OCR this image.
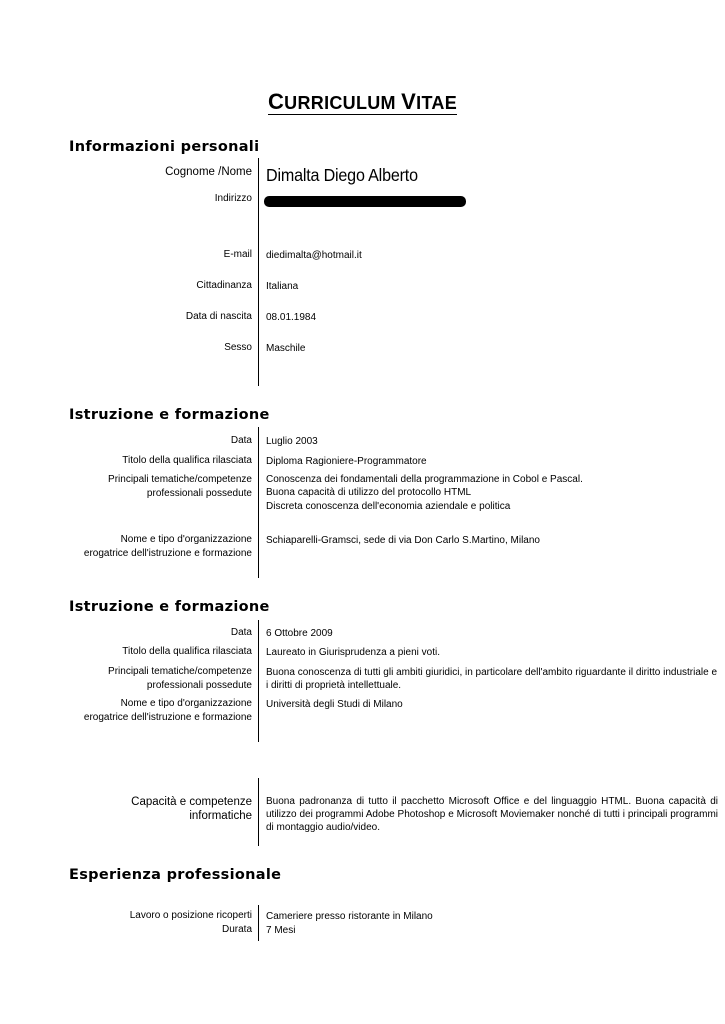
CURRICULUM VITAE
Informazioni personali
Cognome /Nome Dimalta Diego Alberto
Indirizzo
E-mail diedimalta@hotmail.it
Cittadinanza Italiana
Data di nascita 08.01.1984
Sesso Maschile
Istruzione e formazione
Data Luglio 2003
Titolo della qualifica rilasciata Diploma Ragioniere-Programmatore
Principali tematiche/competenze professionali possedute
Conoscenza dei fondamentali della programmazione in Cobol e Pascal.
Buona capacità di utilizzo del protocollo HTML
Discreta conoscenza dell'economia aziendale e politica
Nome e tipo d'organizzazione erogatrice dell'istruzione e formazione
Schiaparelli-Gramsci, sede di via Don Carlo S.Martino, Milano
Istruzione e formazione
Data 6 Ottobre 2009
Titolo della qualifica rilasciata Laureato in Giurisprudenza a pieni voti.
Principali tematiche/competenze professionali possedute
Buona conoscenza di tutti gli ambiti giuridici, in particolare dell'ambito riguardante il diritto industriale e i diritti di proprietà intellettuale.
Nome e tipo d'organizzazione erogatrice dell'istruzione e formazione
Università degli Studi di Milano
Capacità e competenze informatiche
Buona padronanza di tutto il pacchetto Microsoft Office e del linguaggio HTML. Buona capacità di utilizzo dei programmi Adobe Photoshop e Microsoft Moviemaker nonché di tutti i principali programmi di montaggio audio/video.
Esperienza professionale
Lavoro o posizione ricoperti Cameriere presso ristorante in Milano
Durata 7 Mesi
